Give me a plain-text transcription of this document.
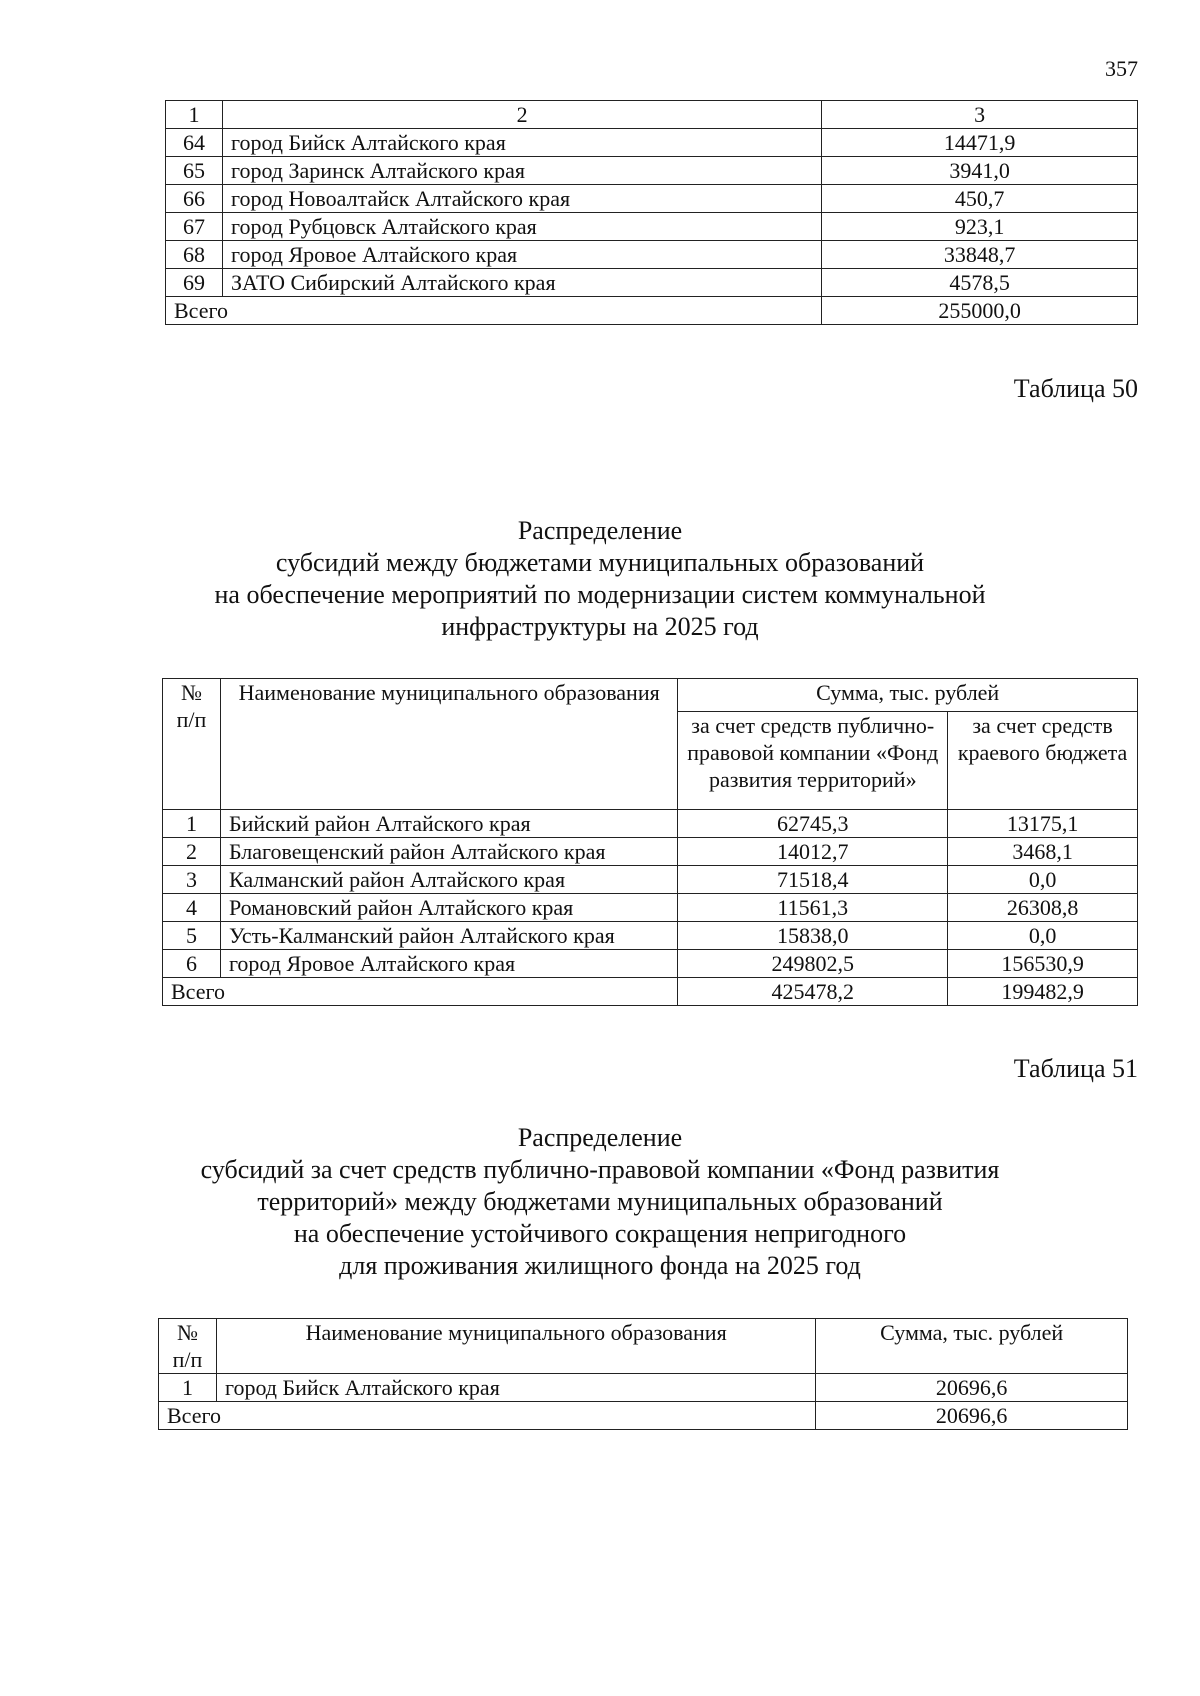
357
1	2	3
64	город Бийск Алтайского края	14471,9
65	город Заринск Алтайского края	3941,0
66	город Новоалтайск Алтайского края	450,7
67	город Рубцовск Алтайского края	923,1
68	город Яровое Алтайского края	33848,7
69	ЗАТО Сибирский Алтайского края	4578,5
Всего		255000,0
Таблица 50
Распределение
субсидий между бюджетами муниципальных образований
на обеспечение мероприятий по модернизации систем коммунальной
инфраструктуры на 2025 год
№ п/п	Наименование муниципального образования	Сумма, тыс. рублей	
		за счет средств публично-правовой компании «Фонд развития территорий»	за счет средств краевого бюджета
1	Бийский район Алтайского края	62745,3	13175,1
2	Благовещенский район Алтайского края	14012,7	3468,1
3	Калманский район Алтайского края	71518,4	0,0
4	Романовский район Алтайского края	11561,3	26308,8
5	Усть-Калманский район Алтайского края	15838,0	0,0
6	город Яровое Алтайского края	249802,5	156530,9
Всего		425478,2	199482,9
Таблица 51
Распределение
субсидий за счет средств публично-правовой компании «Фонд развития
территорий» между бюджетами муниципальных образований
на обеспечение устойчивого сокращения непригодного
для проживания жилищного фонда на 2025 год
№ п/п	Наименование муниципального образования	Сумма, тыс. рублей
1	город Бийск Алтайского края	20696,6
Всего		20696,6
